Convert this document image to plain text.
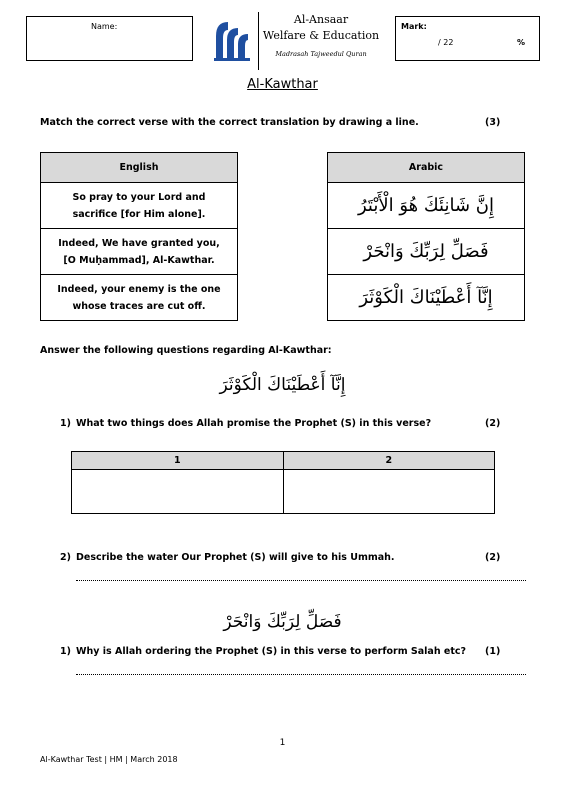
Name:
Al-Ansaar
Welfare & Education
Madrasah Tajweedul Quran
Mark:
/ 22	%
Al-Kawthar
Match the correct verse with the correct translation by drawing a line.	(3)
English

So pray to your Lord and
sacrifice [for Him alone].

Indeed, We have granted you,
[O Muḥammad], Al-Kawthar.

Indeed, your enemy is the one
whose traces are cut off.
Arabic
إِنَّ شَانِئَكَ هُوَ الْأَبْتَرُ
فَصَلِّ لِرَبِّكَ وَانْحَرْ
إِنَّآ أَعْطَيْنَاكَ الْكَوْثَرَ
Answer the following questions regarding Al-Kawthar:
إِنَّآ أَعْطَيْنَاكَ الْكَوْثَرَ
1) What two things does Allah promise the Prophet (S) in this verse?	(2)
1	2

2) Describe the water Our Prophet (S) will give to his Ummah.	(2)
فَصَلِّ لِرَبِّكَ وَانْحَرْ
1) Why is Allah ordering the Prophet (S) in this verse to perform Salah etc? (1)
1
Al-Kawthar Test | HM | March 2018
